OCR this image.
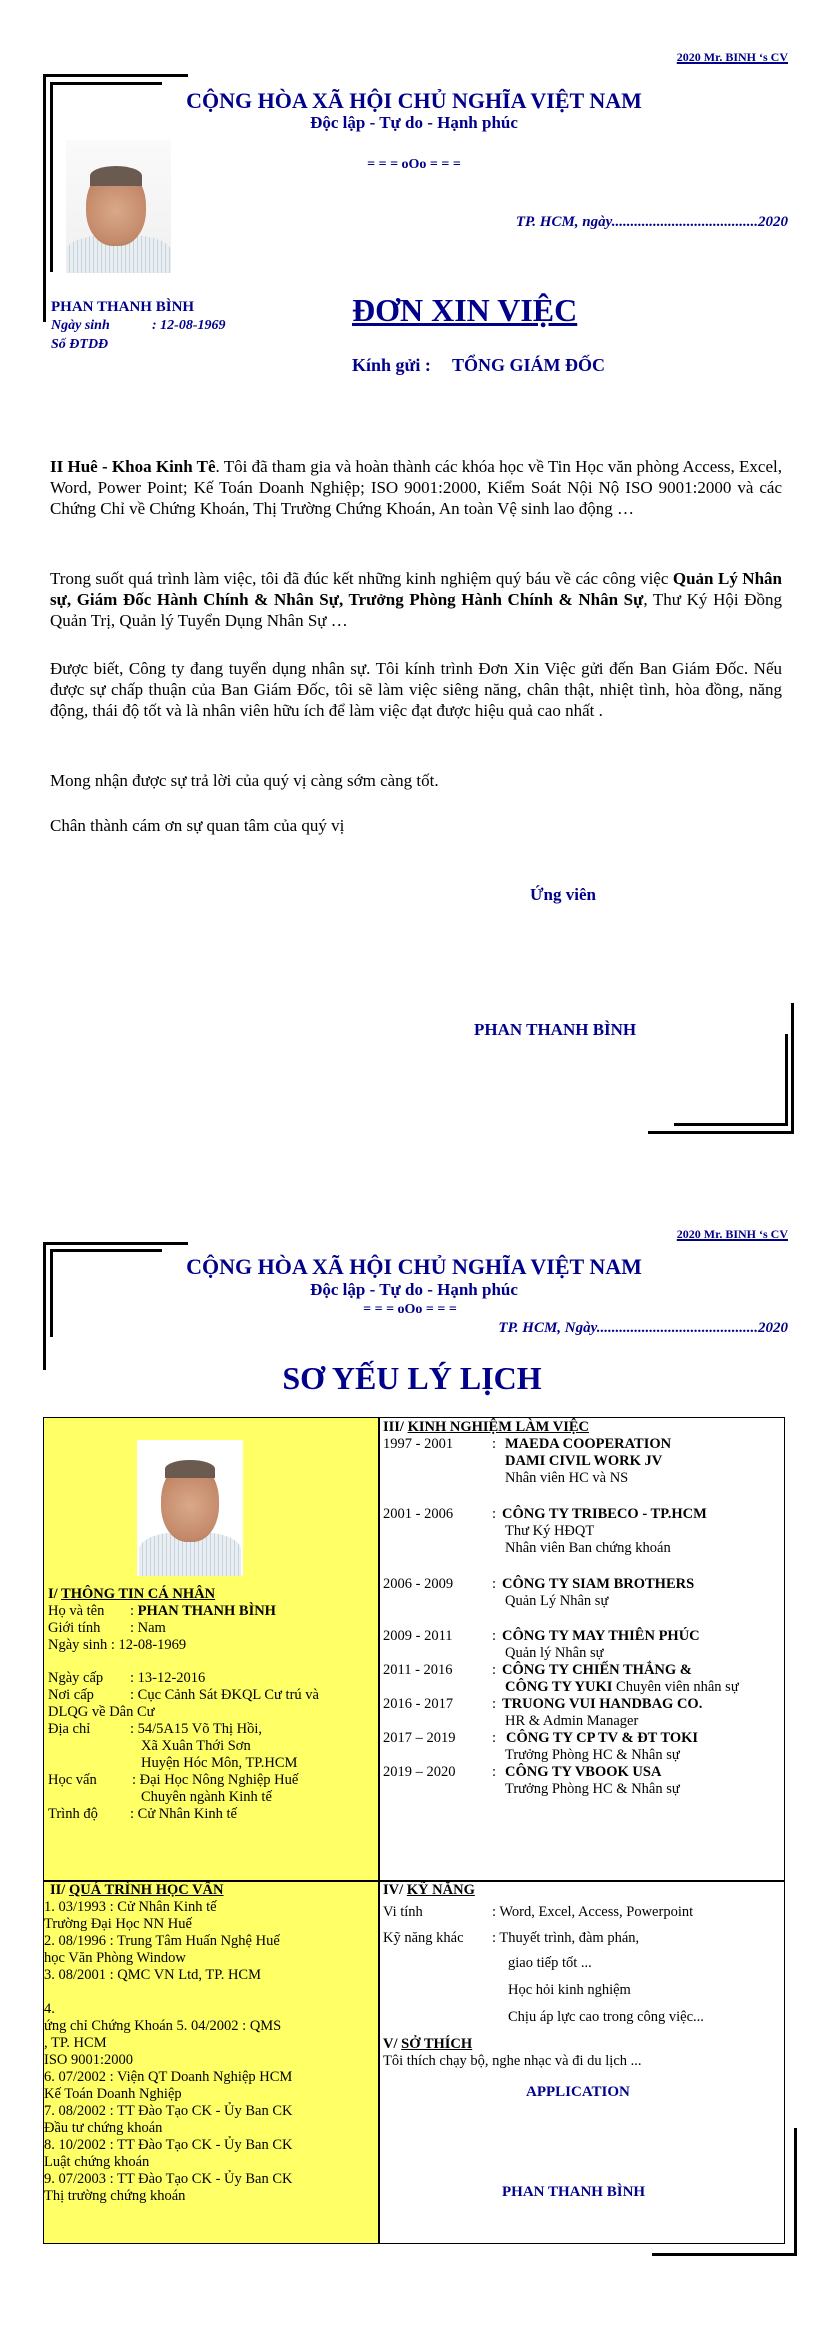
2020 Mr. BINH ‘s CV
CỘNG HÒA XÃ HỘI CHỦ NGHĨA VIỆT NAM
Độc lập - Tự do - Hạnh phúc
= = = oOo = = =
TP. HCM, ngày.......................................2020
PHAN THANH BÌNH
Ngày sinh	: 12-08-1969
Số ĐTDĐ
ĐƠN XIN VIỆC
Kính gửi : TỔNG GIÁM ĐỐC
II Huê - Khoa Kinh Tê. Tôi đã tham gia và hoàn thành các khóa học về Tin Học văn phòng Access, Excel, Word, Power Point; Kế Toán Doanh Nghiệp; ISO 9001:2000, Kiểm Soát Nội Nộ ISO 9001:2000 và các Chứng Chỉ về Chứng Khoán, Thị Trường Chứng Khoán, An toàn Vệ sinh lao động …
Trong suốt quá trình làm việc, tôi đã đúc kết những kinh nghiệm quý báu về các công việc Quản Lý Nhân sự, Giám Đốc Hành Chính & Nhân Sự, Trưởng Phòng Hành Chính & Nhân Sự, Thư Ký Hội Đồng Quản Trị, Quản lý Tuyển Dụng Nhân Sự …
Được biết, Công ty đang tuyển dụng nhân sự. Tôi kính trình Đơn Xin Việc gửi đến Ban Giám Đốc. Nếu được sự chấp thuận của Ban Giám Đốc, tôi sẽ làm việc siêng năng, chân thật, nhiệt tình, hòa đồng, năng động, thái độ tốt và là nhân viên hữu ích để làm việc đạt được hiệu quả cao nhất .
Mong nhận được sự trả lời của quý vị càng sớm càng tốt.
Chân thành cám ơn sự quan tâm của quý vị
Ứng viên
PHAN THANH BÌNH
2020 Mr. BINH ‘s CV
CỘNG HÒA XÃ HỘI CHỦ NGHĨA VIỆT NAM
Độc lập - Tự do - Hạnh phúc
= = = oOo = = =
TP. HCM, Ngày...........................................2020
SƠ YẾU LÝ LỊCH
I/ THÔNG TIN CÁ NHÂN
Họ và tên : PHAN THANH BÌNH
Giới tính : Nam
Ngày sinh : 12-08-1969
Ngày cấp : 13-12-2016
Nơi cấp : Cục Cảnh Sát ĐKQL Cư trú và
DLQG về Dân Cư
Địa chỉ	: 54/5A15 Võ Thị Hồi,
Xã Xuân Thới Sơn
Huyện Hóc Môn, TP.HCM
Học vấn : Đại Học Nông Nghiệp Huế
Chuyên ngành Kinh tế
Trình độ : Cử Nhân Kinh tế
II/ QUÁ TRÌNH HỌC VẤN
1. 03/1993 : Cử Nhân Kinh tế
Trường Đại Học NN Huế
2. 08/1996 : Trung Tâm Huấn Nghệ Huế
học Văn Phòng Window
3. 08/2001 : QMC VN Ltd, TP. HCM
4.
ứng chỉ Chứng Khoán 5. 04/2002 : QMS
, TP. HCM
ISO 9001:2000
6. 07/2002 : Viện QT Doanh Nghiệp HCM
Kế Toán Doanh Nghiệp
7. 08/2002 : TT Đào Tạo CK - Ủy Ban CK
Đầu tư chứng khoán
8. 10/2002 : TT Đào Tạo CK - Ủy Ban CK
Luật chứng khoán
9. 07/2003 : TT Đào Tạo CK - Ủy Ban CK
Thị trường chứng khoán
III/ KINH NGHIỆM LÀM VIỆC
1997 - 2001	: MAEDA COOPERATION
DAMI CIVIL WORK JV
Nhân viên HC và NS
2001 - 2006	: CÔNG TY TRIBECO - TP.HCM
Thư Ký HĐQT
Nhân viên Ban chứng khoán
2006 - 2009	: CÔNG TY SIAM BROTHERS
Quản Lý Nhân sự
2009 - 2011	: CÔNG TY MAY THIÊN PHÚC
Quản lý Nhân sự
2011 - 2016	: CÔNG TY CHIẾN THẮNG &
CÔNG TY YUKI Chuyên viên nhân sự
2016 - 2017	: TRUONG VUI HANDBAG CO.
HR & Admin Manager
2017 – 2019	: CÔNG TY CP TV & ĐT TOKI
Trưởng Phòng HC & Nhân sự
2019 – 2020	: CÔNG TY VBOOK USA
Trưởng Phòng HC & Nhân sự
IV/ KỸ NĂNG
Vi tính	: Word, Excel, Access, Powerpoint
Kỹ năng khác : Thuyết trình, đàm phán,
giao tiếp tốt ...
Học hỏi kinh nghiệm
Chịu áp lực cao trong công việc...
V/ SỞ THÍCH
Tôi thích chạy bộ, nghe nhạc và đi du lịch ...
APPLICATION
PHAN THANH BÌNH
